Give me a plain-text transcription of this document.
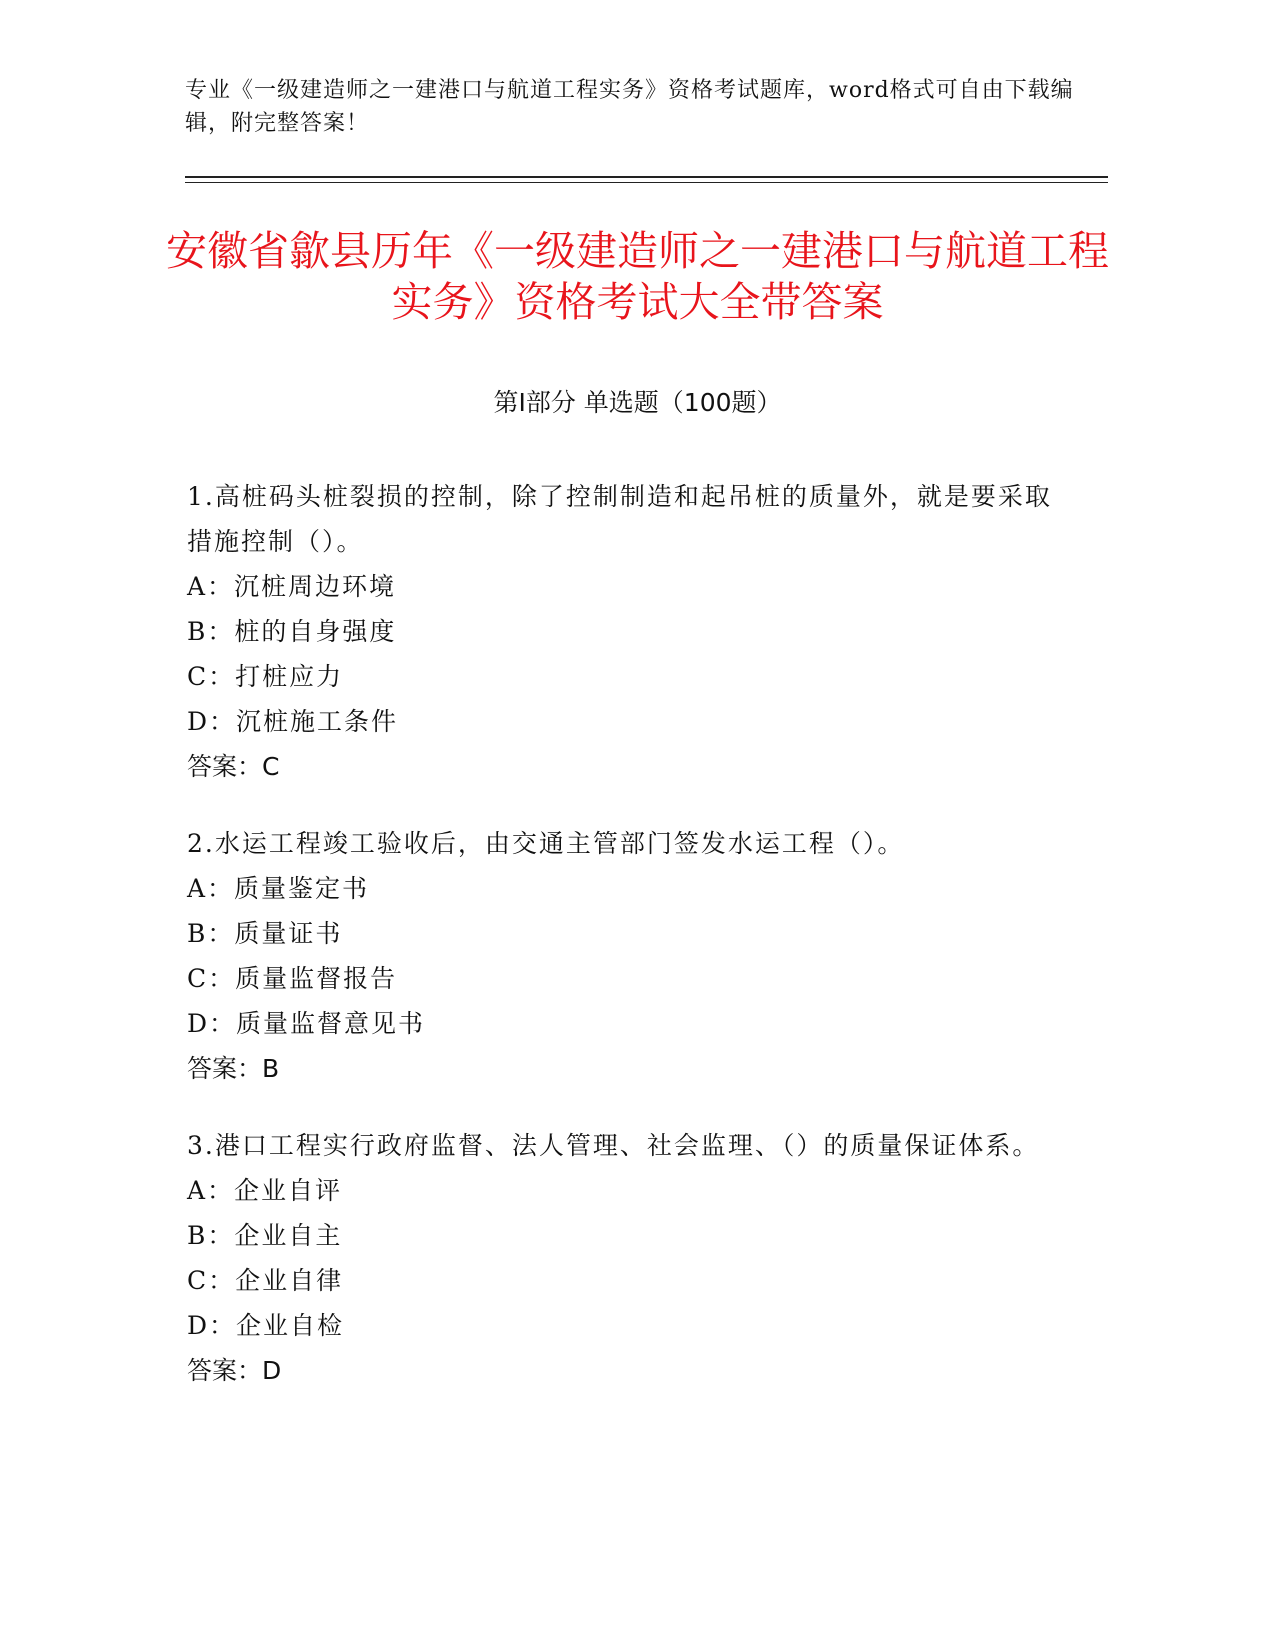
专业《一级建造师之一建港口与航道工程实务》资格考试题库，word格式可自由下载编辑，附完整答案！
安徽省歙县历年《一级建造师之一建港口与航道工程实务》资格考试大全带答案
第Ⅰ部分 单选题（100题）
1.高桩码头桩裂损的控制，除了控制制造和起吊桩的质量外，就是要采取措施控制（）。
A：沉桩周边环境
B：桩的自身强度
C：打桩应力
D：沉桩施工条件
答案：C
2.水运工程竣工验收后，由交通主管部门签发水运工程（）。
A：质量鉴定书
B：质量证书
C：质量监督报告
D：质量监督意见书
答案：B
3.港口工程实行政府监督、法人管理、社会监理、（）的质量保证体系。
A：企业自评
B：企业自主
C：企业自律
D：企业自检
答案：D
